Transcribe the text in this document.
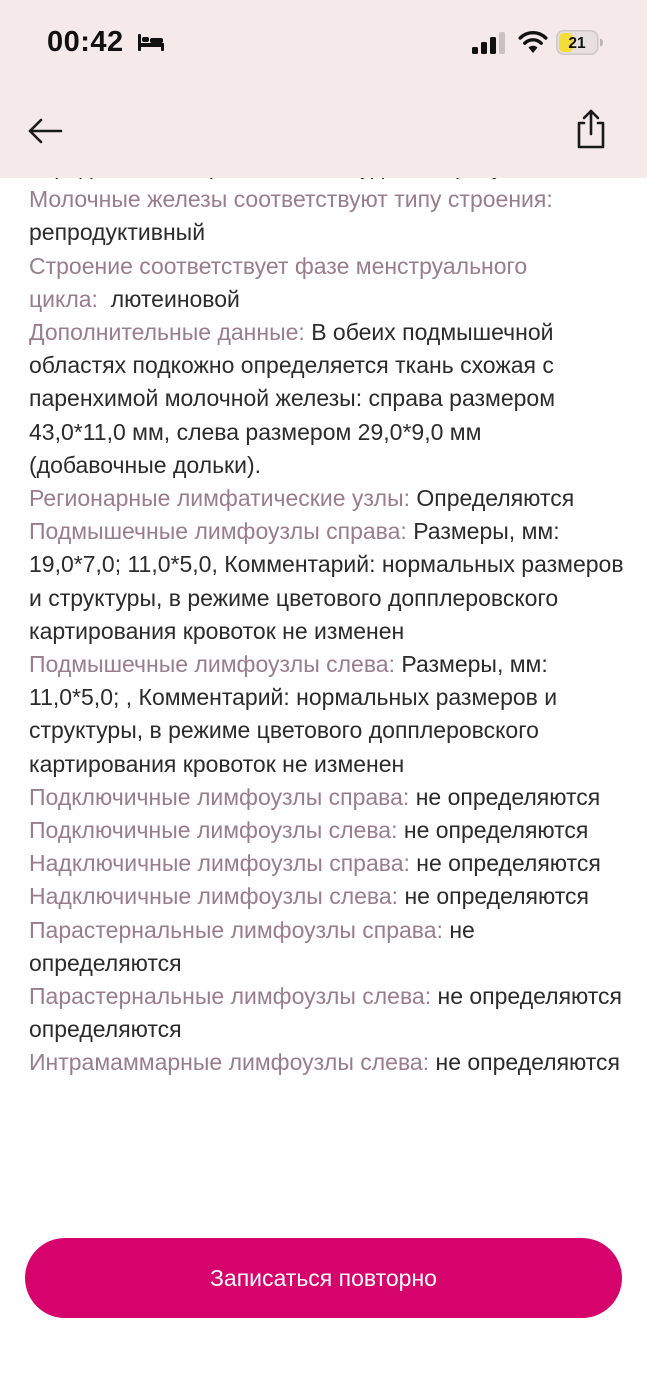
Молочные железы соответствуют типу строения: репродуктивный

Строение соответствует фазе менструального цикла: лютеиновой

Дополнительные данные: В обеих подмышечной областях подкожно определяется ткань схожая с паренхимой молочной железы: справа размером 43,0*11,0 мм, слева размером 29,0*9,0 мм (добавочные дольки).

Регионарные лимфатические узлы: Определяются

Подмышечные лимфоузлы справа: Размеры, мм: 19,0*7,0; 11,0*5,0, Комментарий: нормальных размеров и структуры, в режиме цветового допплеровского картирования кровоток не изменен

Подмышечные лимфоузлы слева: Размеры, мм: 11,0*5,0; , Комментарий: нормальных размеров и структуры, в режиме цветового допплеровского картирования кровоток не изменен

Подключичные лимфоузлы справа: не определяются

Подключичные лимфоузлы слева: не определяются

Надключичные лимфоузлы справа: не определяются

Надключичные лимфоузлы слева: не определяются

Парастернальные лимфоузлы справа: не определяются

Парастернальные лимфоузлы слева: не определяются

определяются

Интрамаммарные лимфоузлы слева: не определяются

00:42	21
Записаться повторно
